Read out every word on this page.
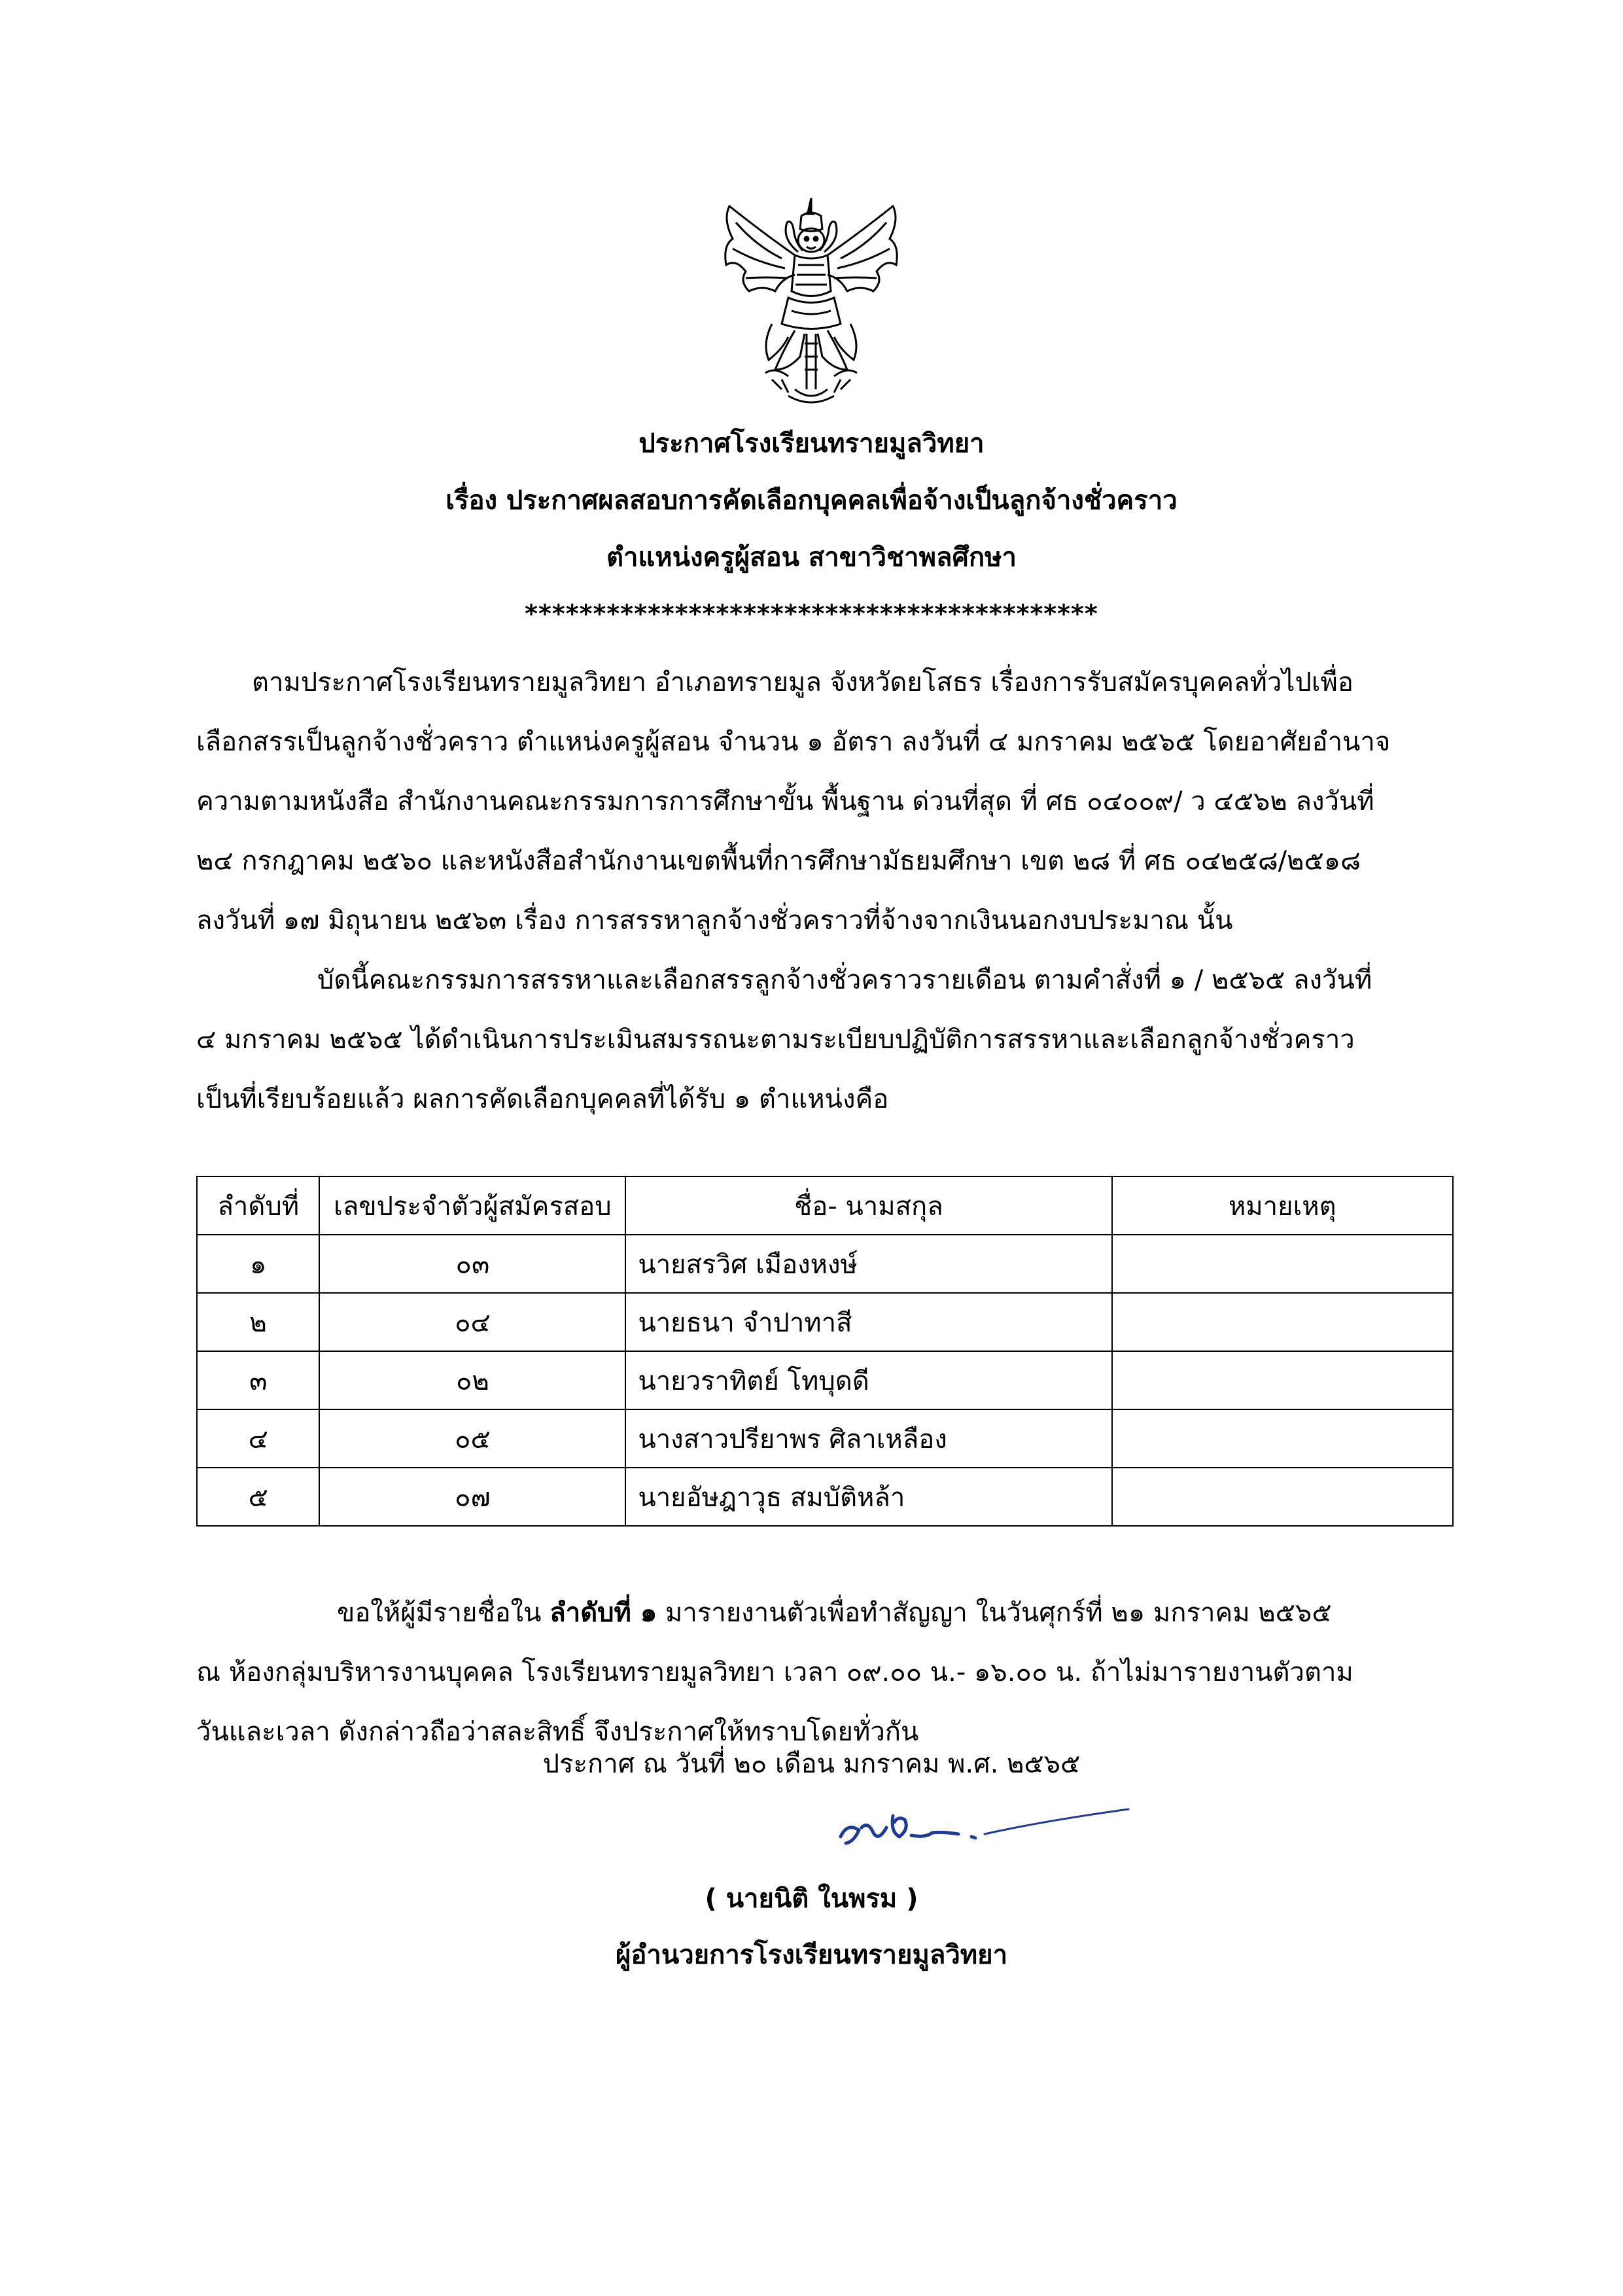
ประกาศโรงเรียนทรายมูลวิทยา
เรื่อง ประกาศผลสอบการคัดเลือกบุคคลเพื่อจ้างเป็นลูกจ้างชั่วคราว
ตำแหน่งครูผู้สอน สาขาวิชาพลศึกษา
******************************************
ตามประกาศโรงเรียนทรายมูลวิทยา อำเภอทรายมูล จังหวัดยโสธร เรื่องการรับสมัครบุคคลทั่วไปเพื่อ
เลือกสรรเป็นลูกจ้างชั่วคราว ตำแหน่งครูผู้สอน จำนวน ๑ อัตรา ลงวันที่ ๔ มกราคม ๒๕๖๕ โดยอาศัยอำนาจ
ความตามหนังสือ สำนักงานคณะกรรมการการศึกษาขั้น พื้นฐาน ด่วนที่สุด ที่ ศธ ๐๔๐๐๙/ ว ๔๕๖๒ ลงวันที่
๒๔ กรกฎาคม ๒๕๖๐ และหนังสือสำนักงานเขตพื้นที่การศึกษามัธยมศึกษา เขต ๒๘ ที่ ศธ ๐๔๒๕๘/๒๕๑๘
ลงวันที่ ๑๗ มิถุนายน ๒๕๖๓ เรื่อง การสรรหาลูกจ้างชั่วคราวที่จ้างจากเงินนอกงบประมาณ นั้น
บัดนี้คณะกรรมการสรรหาและเลือกสรรลูกจ้างชั่วคราวรายเดือน ตามคำสั่งที่ ๑ / ๒๕๖๕ ลงวันที่
๔ มกราคม ๒๕๖๕ ได้ดำเนินการประเมินสมรรถนะตามระเบียบปฏิบัติการสรรหาและเลือกลูกจ้างชั่วคราว
เป็นที่เรียบร้อยแล้ว ผลการคัดเลือกบุคคลที่ได้รับ ๑ ตำแหน่งคือ
ลำดับที่	เลขประจำตัวผู้สมัครสอบ	ชื่อ- นามสกุล	หมายเหตุ
๑	๐๓	นายสรวิศ เมืองหงษ์	
๒	๐๔	นายธนา จำปาทาสี	
๓	๐๒	นายวราทิตย์ โทบุดดี	
๔	๐๕	นางสาวปรียาพร ศิลาเหลือง	
๕	๐๗	นายอัษฎาวุธ สมบัติหล้า	
ขอให้ผู้มีรายชื่อใน ลำดับที่ ๑ มารายงานตัวเพื่อทำสัญญา ในวันศุกร์ที่ ๒๑ มกราคม ๒๕๖๕
ณ ห้องกลุ่มบริหารงานบุคคล โรงเรียนทรายมูลวิทยา เวลา ๐๙.๐๐ น.- ๑๖.๐๐ น. ถ้าไม่มารายงานตัวตาม
วันและเวลา ดังกล่าวถือว่าสละสิทธิ์ จึงประกาศให้ทราบโดยทั่วกัน
ประกาศ ณ วันที่ ๒๐ เดือน มกราคม พ.ศ. ๒๕๖๕
( นายนิติ ในพรม )
ผู้อำนวยการโรงเรียนทรายมูลวิทยา
